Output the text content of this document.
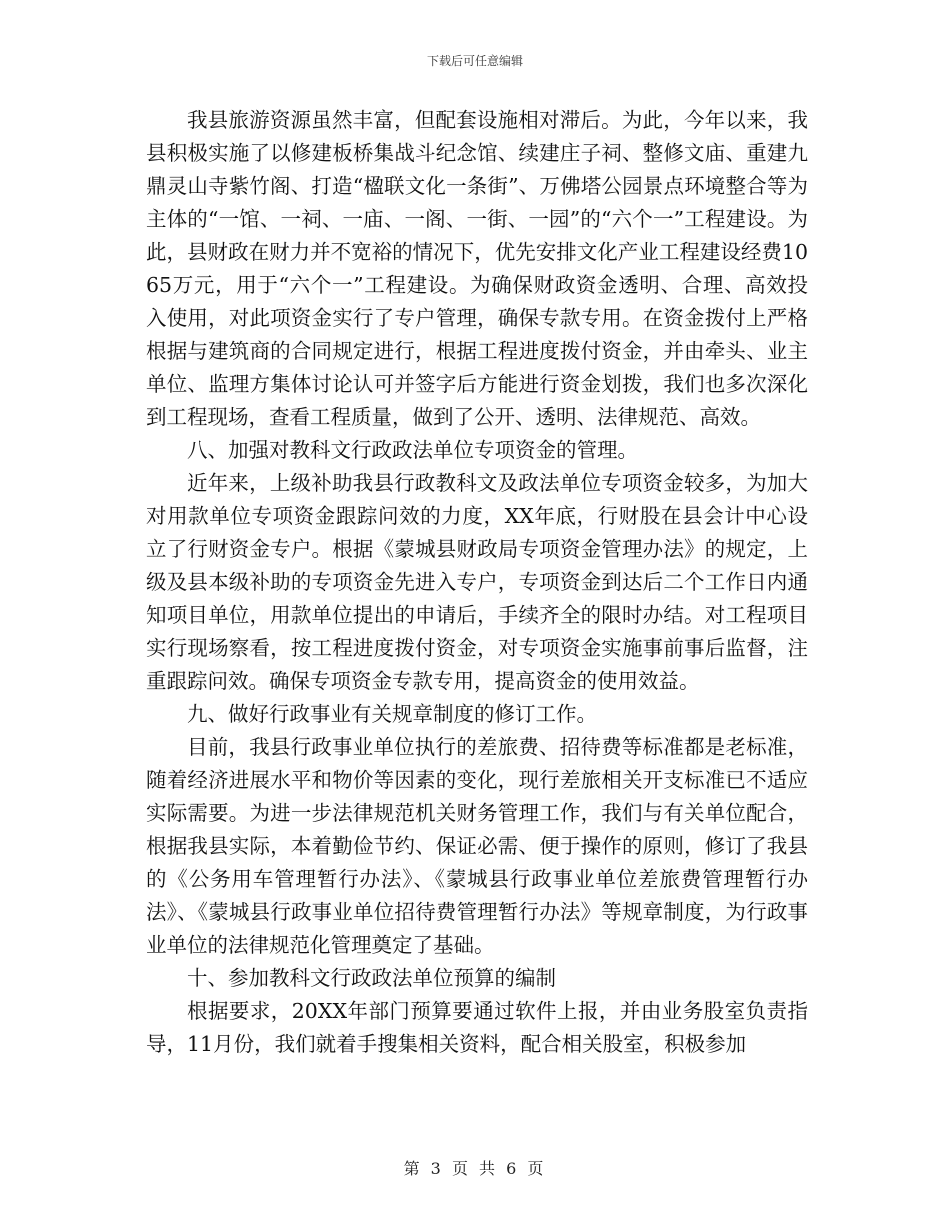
下载后可任意编辑

我县旅游资源虽然丰富，但配套设施相对滞后。为此，今年以来，我县积极实施了以修建板桥集战斗纪念馆、续建庄子祠、整修文庙、重建九鼎灵山寺紫竹阁、打造“楹联文化一条街”、万佛塔公园景点环境整合等为主体的“一馆、一祠、一庙、一阁、一街、一园”的“六个一”工程建设。为此，县财政在财力并不宽裕的情况下，优先安排文化产业工程建设经费1065万元，用于“六个一”工程建设。为确保财政资金透明、合理、高效投入使用，对此项资金实行了专户管理，确保专款专用。在资金拨付上严格根据与建筑商的合同规定进行，根据工程进度拨付资金，并由牵头、业主单位、监理方集体讨论认可并签字后方能进行资金划拨，我们也多次深化到工程现场，查看工程质量，做到了公开、透明、法律规范、高效。

八、加强对教科文行政政法单位专项资金的管理。

近年来，上级补助我县行政教科文及政法单位专项资金较多，为加大对用款单位专项资金跟踪问效的力度，XX年底，行财股在县会计中心设立了行财资金专户。根据《蒙城县财政局专项资金管理办法》的规定，上级及县本级补助的专项资金先进入专户，专项资金到达后二个工作日内通知项目单位，用款单位提出的申请后，手续齐全的限时办结。对工程项目实行现场察看，按工程进度拨付资金，对专项资金实施事前事后监督，注重跟踪问效。确保专项资金专款专用，提高资金的使用效益。

九、做好行政事业有关规章制度的修订工作。

目前，我县行政事业单位执行的差旅费、招待费等标准都是老标准，随着经济进展水平和物价等因素的变化，现行差旅相关开支标准已不适应实际需要。为进一步法律规范机关财务管理工作，我们与有关单位配合，根据我县实际，本着勤俭节约、保证必需、便于操作的原则，修订了我县的《公务用车管理暂行办法》、《蒙城县行政事业单位差旅费管理暂行办法》、《蒙城县行政事业单位招待费管理暂行办法》等规章制度，为行政事业单位的法律规范化管理奠定了基础。

十、参加教科文行政政法单位预算的编制

根据要求，20XX年部门预算要通过软件上报，并由业务股室负责指导，11月份，我们就着手搜集相关资料，配合相关股室，积极参加

第 3 页 共 6 页
